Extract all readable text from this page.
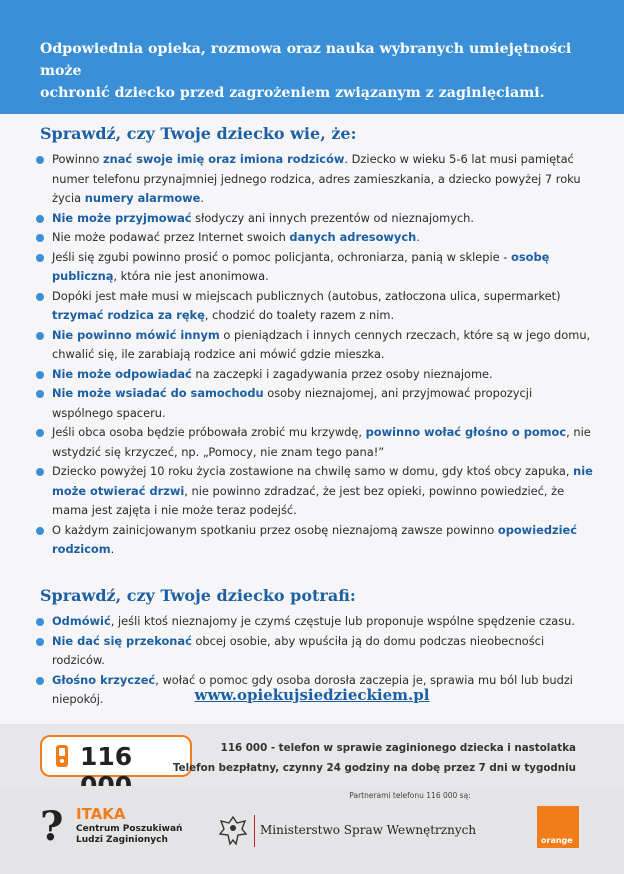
Odpowiednia opieka, rozmowa oraz nauka wybranych umiejętności może
ochronić dziecko przed zagrożeniem związanym z zaginięciami.
Sprawdź, czy Twoje dziecko wie, że:
Powinno znać swoje imię oraz imiona rodziców. Dziecko w wieku 5-6 lat musi pamiętać numer telefonu przynajmniej jednego rodzica, adres zamieszkania, a dziecko powyżej 7 roku życia numery alarmowe.
Nie może przyjmować słodyczy ani innych prezentów od nieznajomych.
Nie może podawać przez Internet swoich danych adresowych.
Jeśli się zgubi powinno prosić o pomoc policjanta, ochroniarza, panią w sklepie - osobę publiczną, która nie jest anonimowa.
Dopóki jest małe musi w miejscach publicznych (autobus, zatłoczona ulica, supermarket) trzymać rodzica za rękę, chodzić do toalety razem z nim.
Nie powinno mówić innym o pieniądzach i innych cennych rzeczach, które są w jego domu, chwalić się, ile zarabiają rodzice ani mówić gdzie mieszka.
Nie może odpowiadać na zaczepki i zagadywania przez osoby nieznajome.
Nie może wsiadać do samochodu osoby nieznajomej, ani przyjmować propozycji wspólnego spaceru.
Jeśli obca osoba będzie próbowała zrobić mu krzywdę, powinno wołać głośno o pomoc, nie wstydzić się krzyczeć, np. „Pomocy, nie znam tego pana!”
Dziecko powyżej 10 roku życia zostawione na chwilę samo w domu, gdy ktoś obcy zapuka, nie może otwierać drzwi, nie powinno zdradzać, że jest bez opieki, powinno powiedzieć, że mama jest zajęta i nie może teraz podejść.
O każdym zainicjowanym spotkaniu przez osobę nieznajomą zawsze powinno opowiedzieć rodzicom.
Sprawdź, czy Twoje dziecko potrafi:
Odmówić, jeśli ktoś nieznajomy je czymś częstuje lub proponuje wspólne spędzenie czasu.
Nie dać się przekonać obcej osobie, aby wpuściła ją do domu podczas nieobecności rodziców.
Głośno krzyczeć, wołać o pomoc gdy osoba dorosła zaczepia je, sprawia mu ból lub budzi niepokój.	www.opiekujsiedzieckiem.pl
116	116 000 - telefon w sprawie zaginionego dziecka i nastolatka
Telefon bezpłatny, czynny 24 godziny na dobę przez 7 dni w tygodniu
Partnerami telefonu 116 000 są:
? ITAKA
Centrum Poszukiwań
Ludzi Zaginionych
Ministerstwo Spraw Wewnętrznych
orange
